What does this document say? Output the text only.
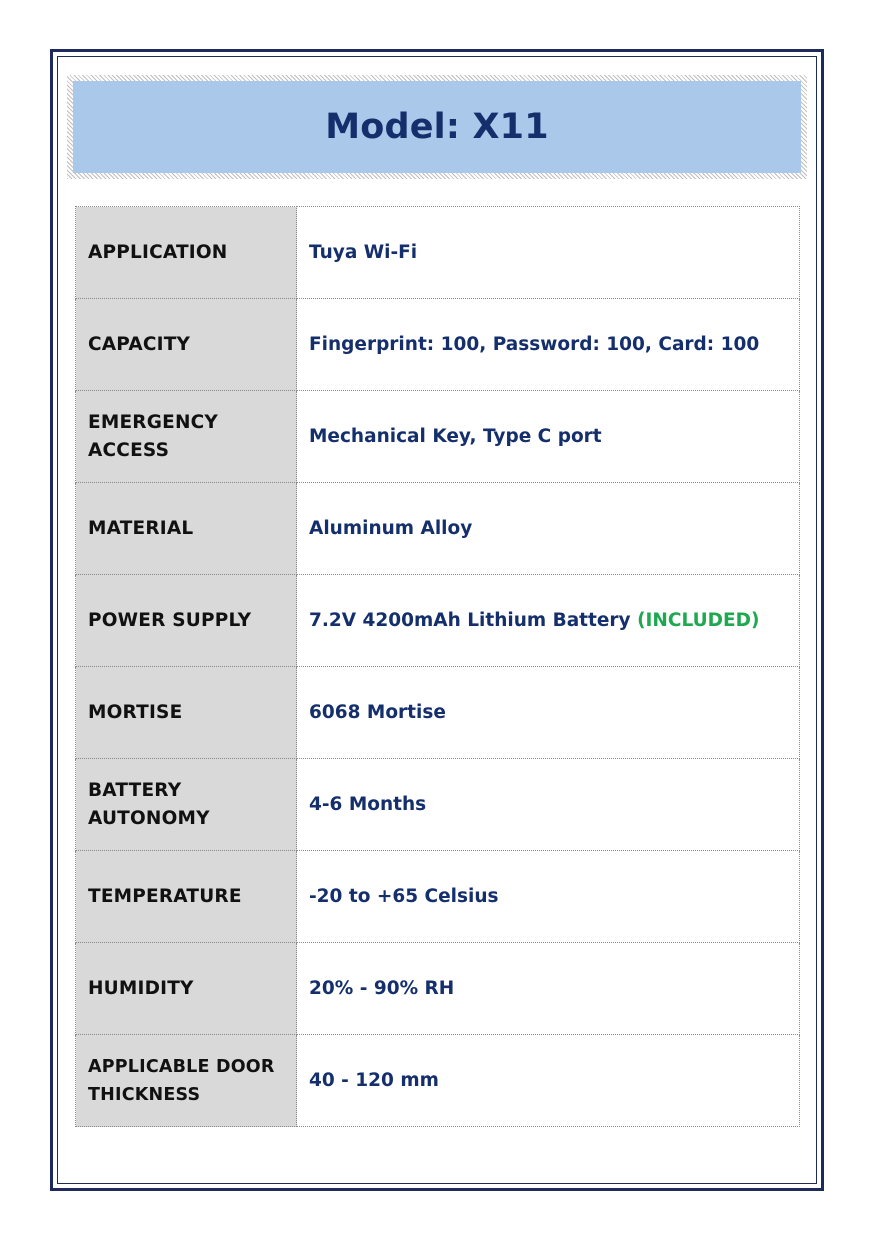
Model: X11
APPLICATION	Tuya Wi-Fi
CAPACITY	Fingerprint: 100, Password: 100, Card: 100
EMERGENCY ACCESS	Mechanical Key, Type C port
MATERIAL	Aluminum Alloy
POWER SUPPLY	7.2V 4200mAh Lithium Battery (INCLUDED)
MORTISE	6068 Mortise
BATTERY AUTONOMY	4-6 Months
TEMPERATURE	-20 to +65 Celsius
HUMIDITY	20% - 90% RH
APPLICABLE DOOR THICKNESS	40 - 120 mm
